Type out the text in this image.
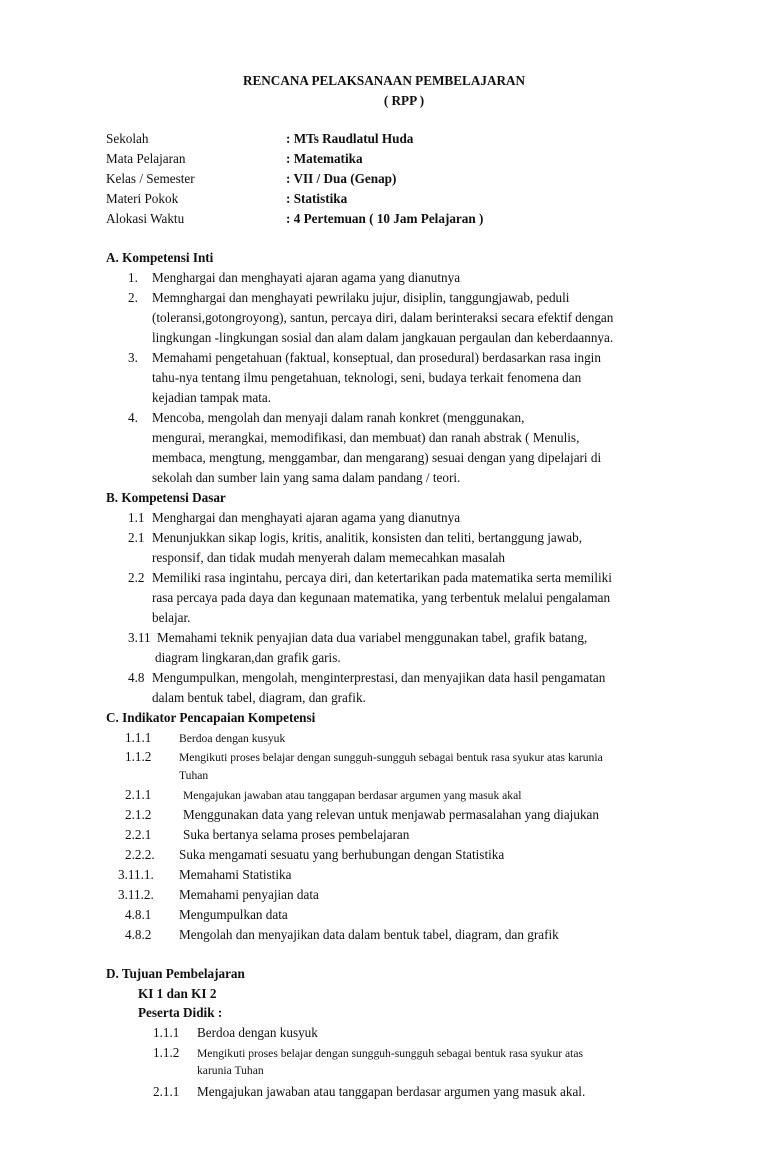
RENCANA PELAKSANAAN PEMBELAJARAN
( RPP )
Sekolah	: MTs Raudlatul Huda
Mata Pelajaran	: Matematika
Kelas / Semester	: VII / Dua (Genap)
Materi Pokok	: Statistika
Alokasi Waktu	: 4 Pertemuan ( 10 Jam Pelajaran )
A. Kompetensi Inti
1. Menghargai dan menghayati ajaran agama yang dianutnya
2. Memnghargai dan menghayati pewrilaku jujur, disiplin, tanggungjawab, peduli
(toleransi,gotongroyong), santun, percaya diri, dalam berinteraksi secara efektif dengan
lingkungan -lingkungan sosial dan alam dalam jangkauan pergaulan dan keberdaannya.
3. Memahami pengetahuan (faktual, konseptual, dan prosedural) berdasarkan rasa ingin
tahu-nya tentang ilmu pengetahuan, teknologi, seni, budaya terkait fenomena dan
kejadian tampak mata.
4. Mencoba, mengolah dan menyaji dalam ranah konkret (menggunakan,
mengurai, merangkai, memodifikasi, dan membuat) dan ranah abstrak ( Menulis,
membaca, mengtung, menggambar, dan mengarang) sesuai dengan yang dipelajari di
sekolah dan sumber lain yang sama dalam pandang / teori.
B. Kompetensi Dasar
1.1 Menghargai dan menghayati ajaran agama yang dianutnya
2.1 Menunjukkan sikap logis, kritis, analitik, konsisten dan teliti, bertanggung jawab,
responsif, dan tidak mudah menyerah dalam memecahkan masalah
2.2 Memiliki rasa ingintahu, percaya diri, dan ketertarikan pada matematika serta memiliki
rasa percaya pada daya dan kegunaan matematika, yang terbentuk melalui pengalaman
belajar.
3.11 Memahami teknik penyajian data dua variabel menggunakan tabel, grafik batang,
diagram lingkaran,dan grafik garis.
4.8 Mengumpulkan, mengolah, menginterprestasi, dan menyajikan data hasil pengamatan
dalam bentuk tabel, diagram, dan grafik.
C. Indikator Pencapaian Kompetensi
1.1.1 Berdoa dengan kusyuk
1.1.2 Mengikuti proses belajar dengan sungguh-sungguh sebagai bentuk rasa syukur atas karunia
Tuhan
2.1.1	Mengajukan jawaban atau tanggapan berdasar argumen yang masuk akal
2.1.2 Menggunakan data yang relevan untuk menjawab permasalahan yang diajukan
2.2.1 Suka bertanya selama proses pembelajaran
2.2.2. Suka mengamati sesuatu yang berhubungan dengan Statistika
3.11.1. Memahami Statistika
3.11.2. Memahami penyajian data
4.8.1 Mengumpulkan data
4.8.2 Mengolah dan menyajikan data dalam bentuk tabel, diagram, dan grafik
D. Tujuan Pembelajaran
KI 1 dan KI 2
Peserta Didik :
1.1.1 Berdoa dengan kusyuk
1.1.2 Mengikuti proses belajar dengan sungguh-sungguh sebagai bentuk rasa syukur atas
karunia Tuhan
2.1.1 Mengajukan jawaban atau tanggapan berdasar argumen yang masuk akal.
